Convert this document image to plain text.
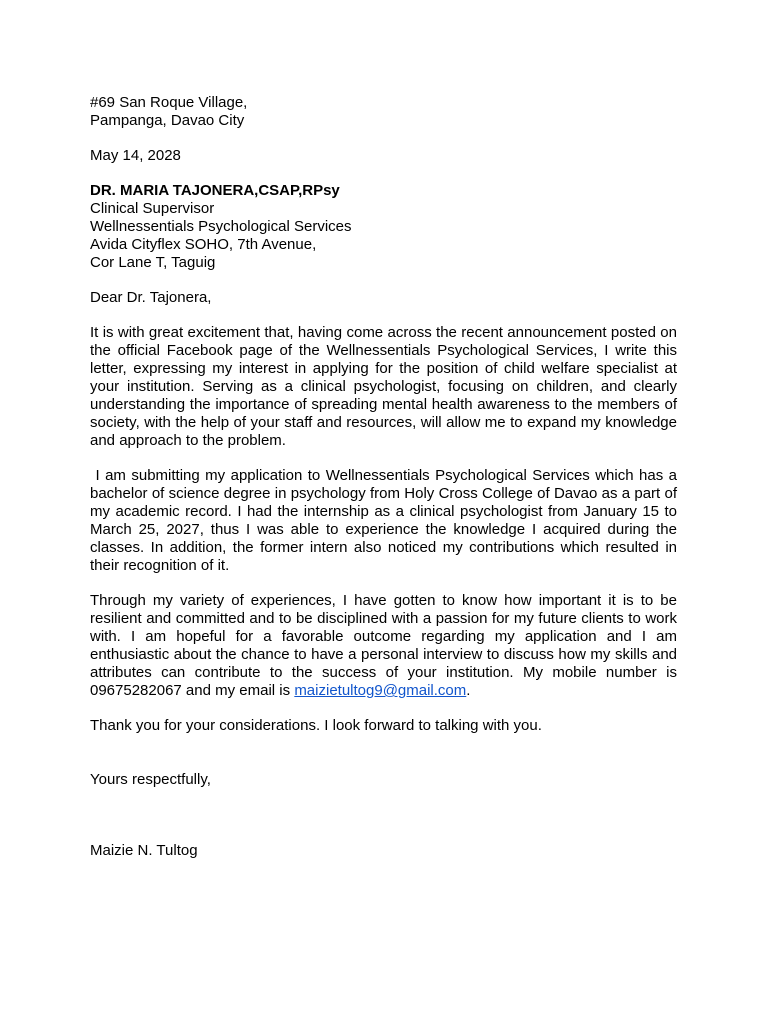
#69 San Roque Village,
Pampanga, Davao City
May 14, 2028
DR. MARIA TAJONERA,CSAP,RPsy
Clinical Supervisor
Wellnessentials Psychological Services
Avida Cityflex SOHO, 7th Avenue,
Cor Lane T, Taguig
Dear Dr. Tajonera,

It is with great excitement that, having come across the recent announcement posted on the official Facebook page of the Wellnessentials Psychological Services, I write this letter, expressing my interest in applying for the position of child welfare specialist at your institution. Serving as a clinical psychologist, focusing on children, and clearly understanding the importance of spreading mental health awareness to the members of society, with the help of your staff and resources, will allow me to expand my knowledge and approach to the problem.

I am submitting my application to Wellnessentials Psychological Services which has a bachelor of science degree in psychology from Holy Cross College of Davao as a part of my academic record. I had the internship as a clinical psychologist from January 15 to March 25, 2027, thus I was able to experience the knowledge I acquired during the classes. In addition, the former intern also noticed my contributions which resulted in their recognition of it.

Through my variety of experiences, I have gotten to know how important it is to be resilient and committed and to be disciplined with a passion for my future clients to work with. I am hopeful for a favorable outcome regarding my application and I am enthusiastic about the chance to have a personal interview to discuss how my skills and attributes can contribute to the success of your institution. My mobile number is 09675282067 and my email is maizietultog9@gmail.com.

Thank you for your considerations. I look forward to talking with you.

Yours respectfully,
Maizie N. Tultog
